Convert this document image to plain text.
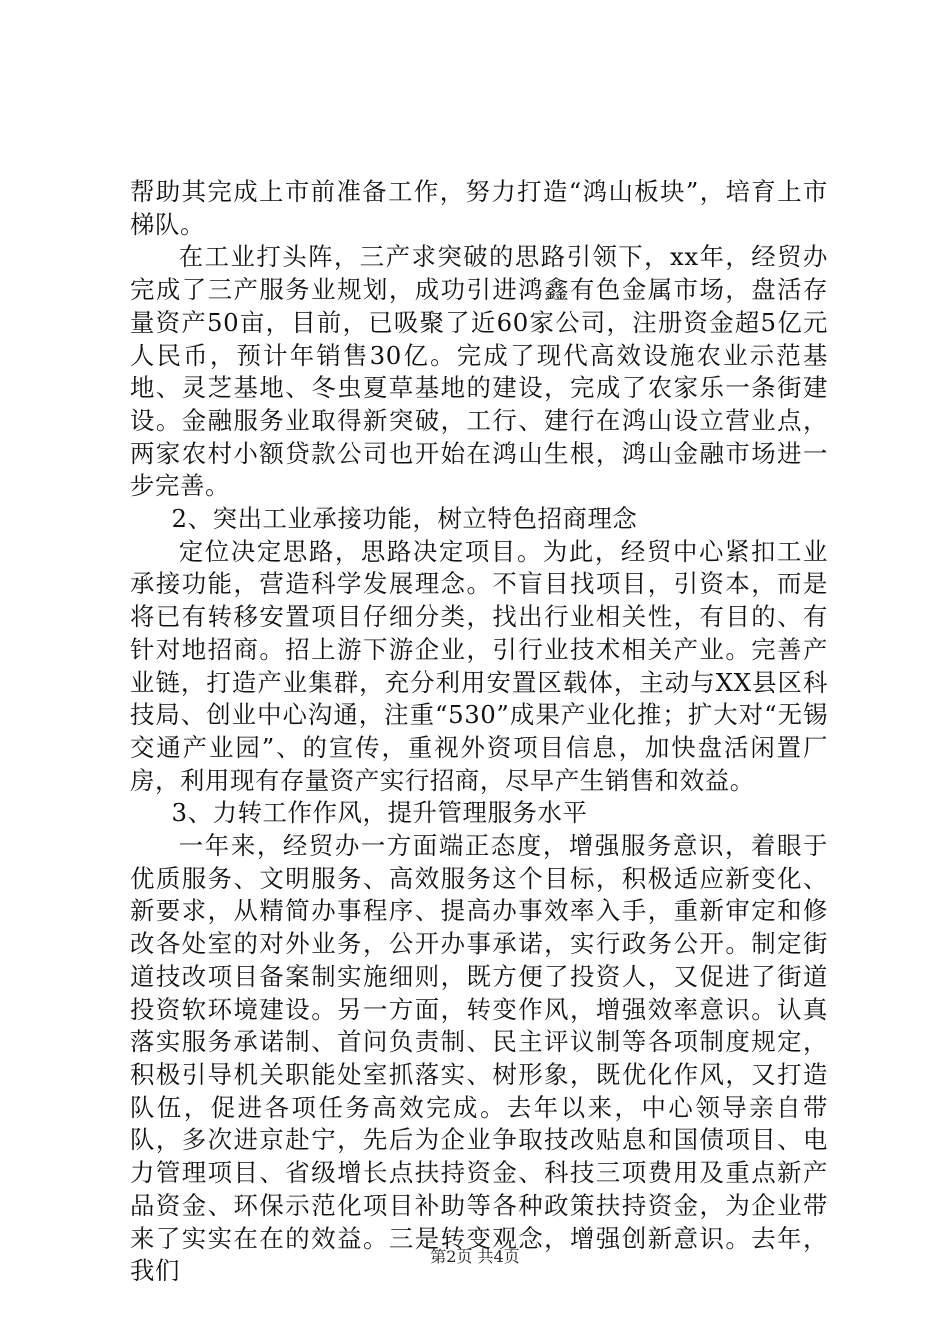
帮助其完成上市前准备工作，努力打造“鸿山板块”，培育上市梯队。

在工业打头阵，三产求突破的思路引领下，xx年，经贸办完成了三产服务业规划，成功引进鸿鑫有色金属市场，盘活存量资产50亩，目前，已吸聚了近60家公司，注册资金超5亿元人民币，预计年销售30亿。完成了现代高效设施农业示范基地、灵芝基地、冬虫夏草基地的建设，完成了农家乐一条街建设。金融服务业取得新突破，工行、建行在鸿山设立营业点，两家农村小额贷款公司也开始在鸿山生根，鸿山金融市场进一步完善。

2、突出工业承接功能，树立特色招商理念

定位决定思路，思路决定项目。为此，经贸中心紧扣工业承接功能，营造科学发展理念。不盲目找项目，引资本，而是将已有转移安置项目仔细分类，找出行业相关性，有目的、有针对地招商。招上游下游企业，引行业技术相关产业。完善产业链，打造产业集群，充分利用安置区载体，主动与XX县区科技局、创业中心沟通，注重“530”成果产业化推；扩大对“无锡交通产业园”、的宣传，重视外资项目信息，加快盘活闲置厂房，利用现有存量资产实行招商，尽早产生销售和效益。

3、力转工作作风，提升管理服务水平

一年来，经贸办一方面端正态度，增强服务意识，着眼于优质服务、文明服务、高效服务这个目标，积极适应新变化、新要求，从精简办事程序、提高办事效率入手，重新审定和修改各处室的对外业务，公开办事承诺，实行政务公开。制定街道技改项目备案制实施细则，既方便了投资人，又促进了街道投资软环境建设。另一方面，转变作风，增强效率意识。认真落实服务承诺制、首问负责制、民主评议制等各项制度规定，积极引导机关职能处室抓落实、树形象，既优化作风，又打造队伍，促进各项任务高效完成。去年以来，中心领导亲自带队，多次进京赴宁，先后为企业争取技改贴息和国债项目、电力管理项目、省级增长点扶持资金、科技三项费用及重点新产品资金、环保示范化项目补助等各种政策扶持资金，为企业带来了实实在在的效益。三是转变观念，增强创新意识。去年，我们	第2页 共4页
